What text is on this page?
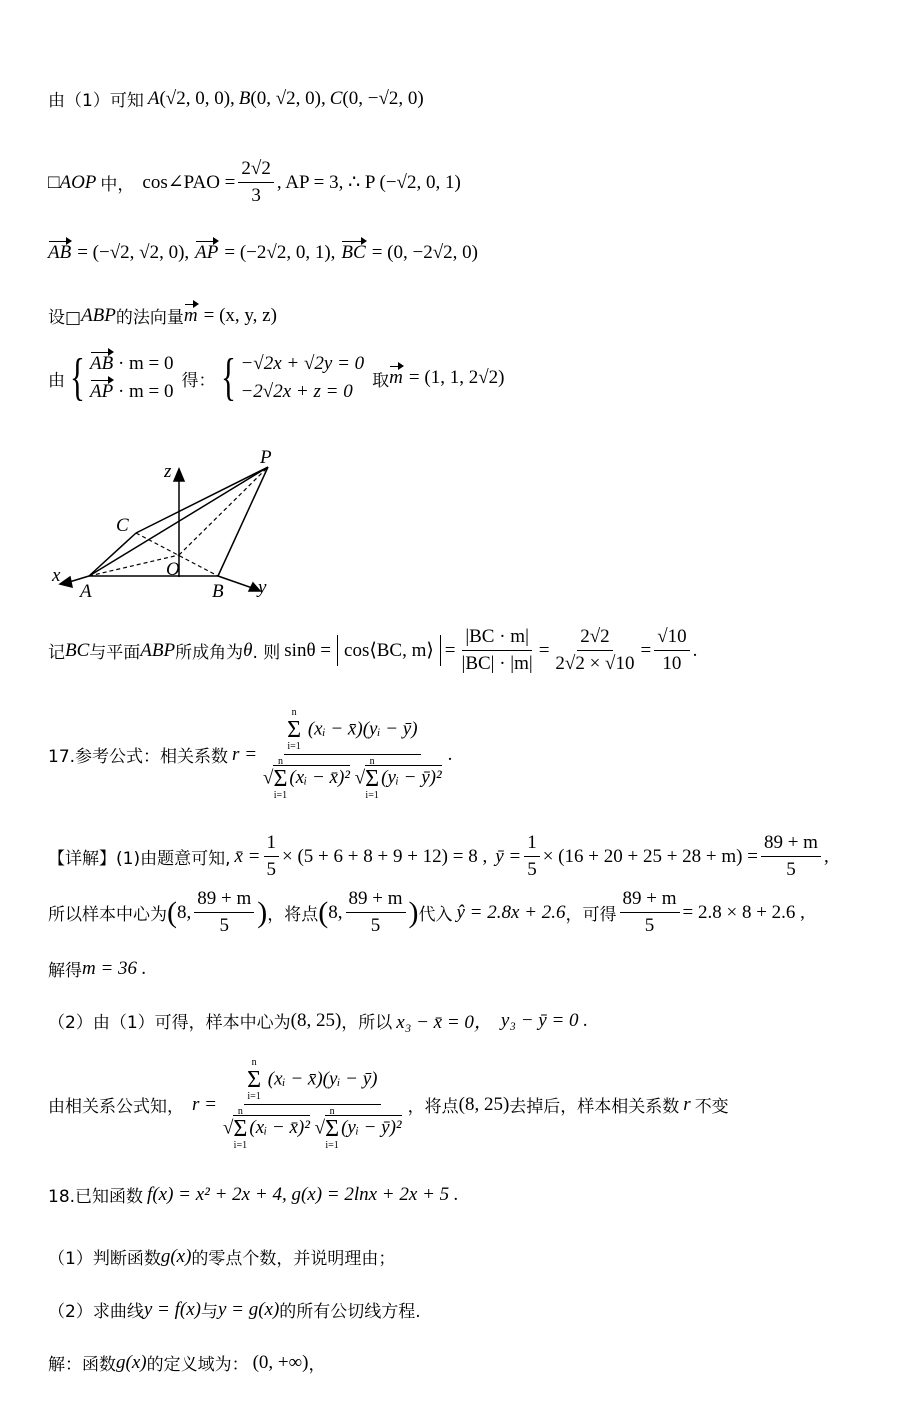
由（1）可知 A (√2, 0, 0) , B (0, √2, 0) , C (0, −√2, 0)
□ AOP 中， cos∠PAO = $\frac{2√2}{3}$ , AP = 3, ∴ P (−√2, 0, 1)
AB = (−√2, √2, 0), AP = (−2√2, 0, 1), BC = (0, −2√2, 0)
设□ ABP 的法向量 m = (x, y, z)
由 { AB · m = 0
AP · m = 0
得： { −√2x + √2y = 0
−2√2x + z = 0
取 m = (1, 1, 2√2)
P
z
C
O
x
A	B y
记 BC 与平面 ABP 所成角为 θ . 则 sinθ = cos⟨BC, m⟩ = $\frac{|BC \cdot m|}{|BC| \cdot |m|} = \frac{2√2}{2√2 \times √10} = \frac{√10}{10}$ .
17.参考公式：相关系数 r = n
Σ
i=1
(xᵢ − x̄)(yᵢ − ȳ)
√
n
Σ
i=1
(xᵢ − x̄)² √
n
Σ
i=1
(yᵢ − ȳ)² .
【详解】 (1)由题意可知, x̄ = $\frac{1}{5} \times (5 + 6 + 8 + 9 + 12) = 8$ , ȳ = $\frac{1}{5} \times (16 + 20 + 25 + 28 + m) = \frac{89 + m}{5}$ ,
所以样本中心为 ( 8, $\frac{89 + m}{5}$ ) ，将点 ( 8, $\frac{89 + m}{5}$ ) 代入 ŷ = 2.8x + 2.6 ，可得 $\frac{89 + m}{5} = 2.8 \times 8 + 2.6$ ,
解得 m = 36 .
（2）由（1）可得，样本中心为 (8, 25) ，所以 x₃ − x̄ = 0， y₃ − ȳ = 0 .
由相关系公式知， r = n
Σ
i=1
(xᵢ − x̄)(yᵢ − ȳ)
√
n
Σ
i=1
(xᵢ − x̄)² √
n
Σ
i=1
(yᵢ − ȳ)² ，将点 (8, 25) 去掉后，样本相关系数 r 不变
18.已知函数 f(x) = x² + 2x + 4, g(x) = 2lnx + 2x + 5 .
（1）判断函数 g(x) 的零点个数，并说明理由；
（2）求曲线 y = f(x) 与 y = g(x) 的所有公切线方程.
解：函数 g(x) 的定义域为： (0, +∞) ，
